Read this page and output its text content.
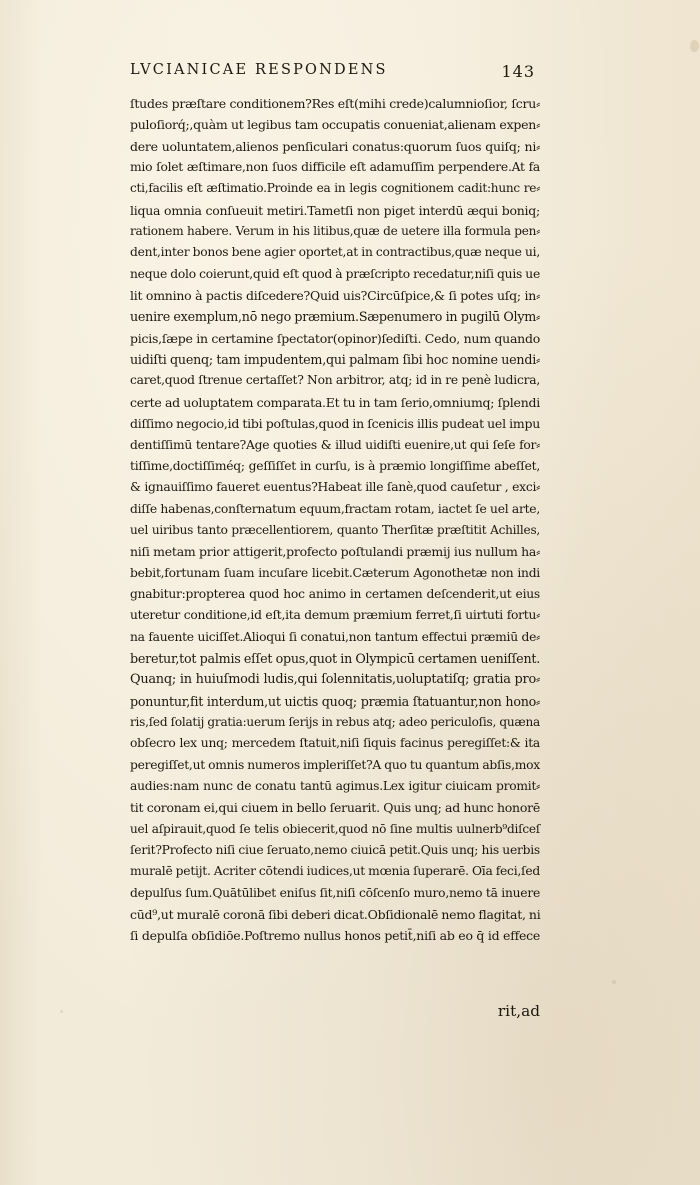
LVCIANICAE RESPONDENS	143
ſtudes præſtare conditionem?Res eſt(mihi crede)calumnioſior, ſcru⸗
puloſiorq́;,quàm ut legibus tam occupatis conueniat,alienam expen⸗
dere uoluntatem,alienos penſiculari conatus:quorum ſuos quiſq; ni⸗
mio ſolet æſtimare,non ſuos difficile eſt adamuſſim perpendere.At fa
cti,facilis eſt æſtimatio.Proinde ea in legis cognitionem cadit:hunc re⸗
liqua omnia conſueuit metiri.Tametſi non piget interdū æqui boniq;
rationem habere. Verum in his litibus,quæ de uetere illa formula pen⸗
dent,inter bonos bene agier oportet,at in contractibus,quæ neque ui,
neque dolo coierunt,quid eſt quod à præſcripto recedatur,niſi quis ue
lit omnino à pactis diſcedere?Quid uis?Circūſpice,& ſi potes uſq; in⸗
uenire exemplum,nō nego præmium.Sæpenumero in pugilū Olym⸗
picis,ſæpe in certamine ſpectator(opinor)ſediſti. Cedo, num quando
uidiſti quenq; tam impudentem,qui palmam ſibi hoc nomine uendi⸗
caret,quod ſtrenue certaſſet? Non arbitror, atq; id in re penè ludicra,
certe ad uoluptatem comparata.Et tu in tam ſerio,omniumq; ſplendi
diſſimo negocio,id tibi poſtulas,quod in ſcenicis illis pudeat uel impu
dentiſſimū tentare?Age quoties & illud uidiſti euenire,ut qui ſeſe for⸗
tiſſime,doctiſſiméq; geſſiſſet in curſu, is à præmio longiſſime abeſſet,
& ignauiſſimo faueret euentus?Habeat ille ſanè,quod cauſetur , exci⸗
diſſe habenas,conſternatum equum,fractam rotam, iactet ſe uel arte,
uel uiribus tanto præcellentiorem, quanto Therſitæ præſtitit Achilles,
niſi metam prior attigerit,profecto poſtulandi præmij ius nullum ha⸗
bebit,fortunam ſuam incuſare licebit.Cæterum Agonothetæ non indi
gnabitur:propterea quod hoc animo in certamen deſcenderit,ut eius
uteretur conditione,id eſt,ita demum præmium ferret,ſi uirtuti fortu⸗
na fauente uiciſſet.Alioqui ſi conatui,non tantum effectui præmiū de⸗
beretur,tot palmis eſſet opus,quot in Olympicū certamen ueniſſent.
Quanq; in huiuſmodi ludis,qui ſolennitatis,uoluptatiſq; gratia pro⸗
ponuntur,fit interdum,ut uictis quoq; præmia ſtatuantur,non hono⸗
ris,ſed ſolatij gratia:uerum ſerijs in rebus atq; adeo periculoſis, quæna
obſecro lex unq; mercedem ſtatuit,niſi ſiquis facinus peregiſſet:& ita
peregiſſet,ut omnis numeros impleriſſet?A quo tu quantum abſis,mox
audies:nam nunc de conatu tantū agimus.Lex igitur ciuicam promit⸗
tit coronam ei,qui ciuem in bello ſeruarit. Quis unq; ad hunc honorē
uel aſpirauit,quod ſe telis obiecerit,quod nō ſine multis uulnerb⁹diſceſ
ſerit?Profecto niſi ciue ſeruato,nemo ciuicā petit.Quis unq; his uerbis
muralē petijt. Acriter cōtendi iudices,ut mœnia ſuperarē. Oīa feci,ſed
depulſus ſum.Quātūlibet eniſus ſit,niſi cōſcenſo muro,nemo tā inuere
cūd⁹,ut muralē coronā ſibi deberi dicat.Obſidionalē nemo flagitat, ni
ſi depulſa obſidiōe.Poſtremo nullus honos petit̄,niſi ab eo q̄ id effece
rit,ad
